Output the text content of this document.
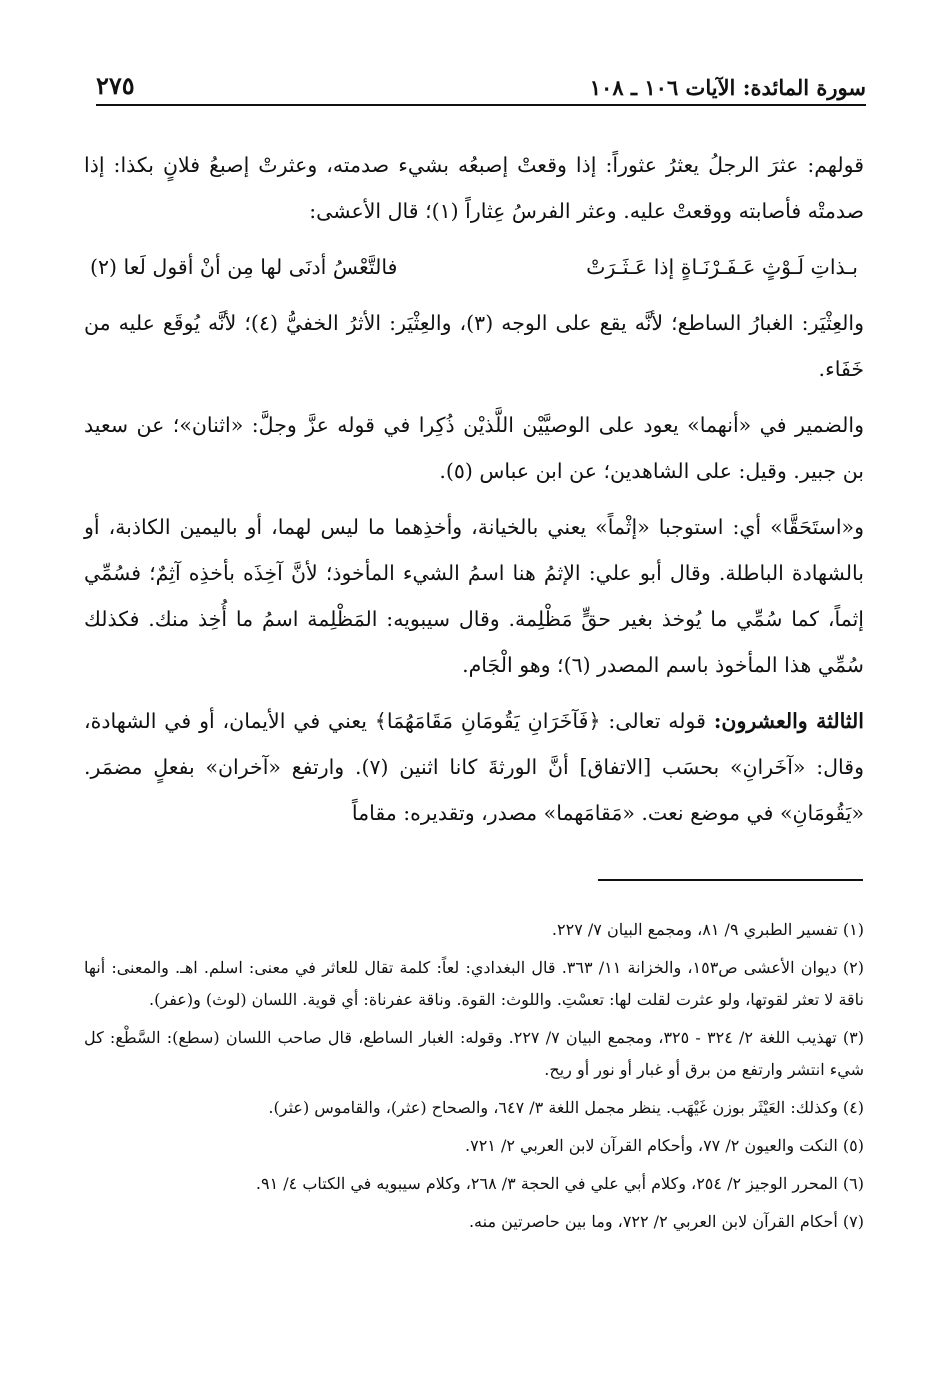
٢٧٥	سورة المائدة: الآيات ١٠٦ ـ ١٠٨

قولهم: عثرَ الرجلُ يعثرُ عثوراً: إذا وقعتْ إصبعُه بشيء صدمته، وعثرتْ إصبعُ فلانٍ بكذا: إذا صدمتْه فأصابته ووقعتْ عليه. وعثر الفرسُ عِثاراً (١)؛ قال الأعشى:

بـذاتِ لَـوْثٍ عَـفَـرْنَـاةٍ إذا عَـثَـرَتْ
فالتَّعْسُ أدنَى لها مِن أنْ أقول لَعا (٢)

والعِثْيَر: الغبارُ الساطع؛ لأنَّه يقع على الوجه (٣)، والعِثْيَر: الأثرُ الخفيُّ (٤)؛ لأنَّه يُوقَع عليه من خَفَاء.

والضمير في «أنهما» يعود على الوصيَّيْن اللَّذيْن ذُكِرا في قوله عزَّ وجلَّ: «اثنان»؛ عن سعيد بن جبير. وقيل: على الشاهدين؛ عن ابن عباس (٥).

و«استَحَقَّا» أي: استوجبا «إثْماً» يعني بالخيانة، وأخذِهما ما ليس لهما، أو باليمين الكاذبة، أو بالشهادة الباطلة. وقال أبو علي: الإثمُ هنا اسمُ الشيء المأخوذ؛ لأنَّ آخِذَه بأخذِه آثِمٌ؛ فسُمِّي إثماً، كما سُمِّي ما يُوخذ بغير حقٍّ مَظْلِمة. وقال سيبويه: المَظْلِمة اسمُ ما أُخِذ منك. فكذلك سُمِّي هذا المأخوذ باسم المصدر (٦)؛ وهو الْجَام.

الثالثة والعشرون: قوله تعالى: ﴿فَآخَرَانِ يَقُومَانِ مَقَامَهُمَا﴾ يعني في الأيمان، أو في الشهادة، وقال: «آخَرانِ» بحسَب [الاتفاق] أنَّ الورثةَ كانا اثنين (٧). وارتفع «آخران» بفعلٍ مضمَر. «يَقُومَانِ» في موضع نعت. «مَقامَهما» مصدر، وتقديره: مقاماً

(١) تفسير الطبري ٩/ ٨١، ومجمع البيان ٧/ ٢٢٧.

(٢) ديوان الأعشى ص١٥٣، والخزانة ١١/ ٣٦٣. قال البغدادي: لعاً: كلمة تقال للعاثر في معنى: اسلم. اهـ. والمعنى: أنها ناقة لا تعثر لقوتها، ولو عثرت لقلت لها: تعسْتِ. واللوث: القوة. وناقة عفرناة: أي قوية. اللسان (لوث) و(عفر).

(٣) تهذيب اللغة ٢/ ٣٢٤ - ٣٢٥، ومجمع البيان ٧/ ٢٢٧. وقوله: الغبار الساطع، قال صاحب اللسان (سطع): السَّطْع: كل شيء انتشر وارتفع من برق أو غبار أو نور أو ريح.

(٤) وكذلك: العَيْثَر بوزن غَيْهَب. ينظر مجمل اللغة ٣/ ٦٤٧، والصحاح (عثر)، والقاموس (عثر).

(٥) النكت والعيون ٢/ ٧٧، وأحكام القرآن لابن العربي ٢/ ٧٢١.

(٦) المحرر الوجيز ٢/ ٢٥٤، وكلام أبي علي في الحجة ٣/ ٢٦٨، وكلام سيبويه في الكتاب ٤/ ٩١.

(٧) أحكام القرآن لابن العربي ٢/ ٧٢٢، وما بين حاصرتين منه.
